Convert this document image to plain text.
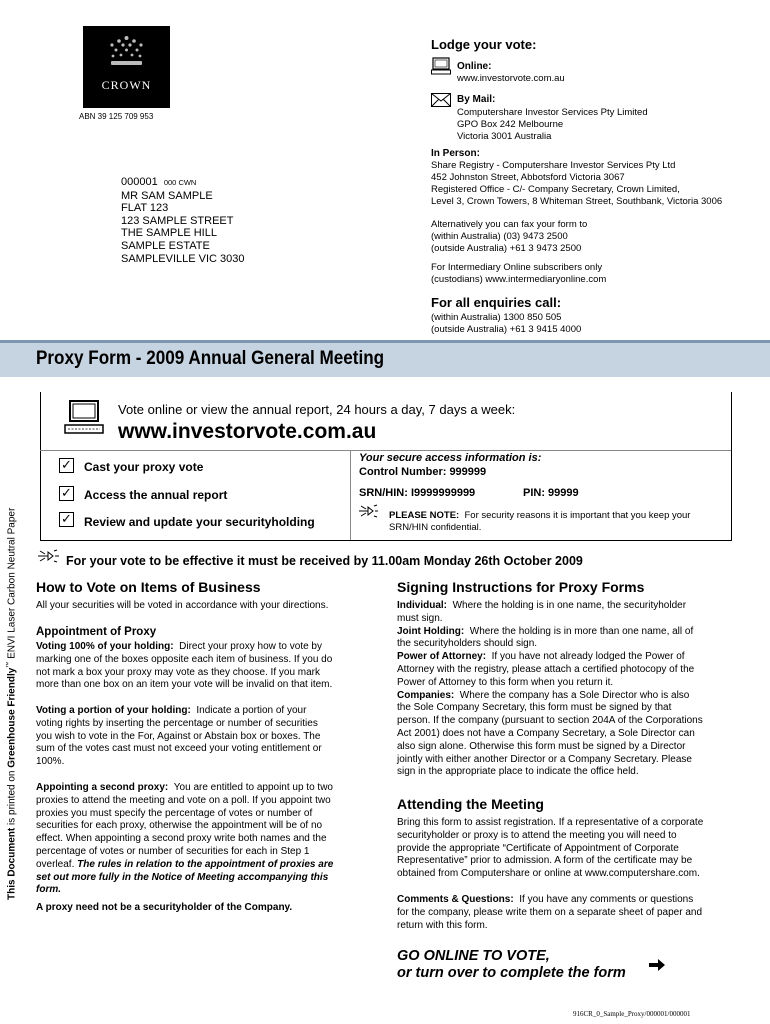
CROWN
ABN 39 125 709 953
000001 000 CWN
MR SAM SAMPLE
FLAT 123
123 SAMPLE STREET
THE SAMPLE HILL
SAMPLE ESTATE
SAMPLEVILLE VIC 3030
Lodge your vote:
Online:
www.investorvote.com.au
By Mail:
Computershare Investor Services Pty Limited
GPO Box 242 Melbourne
Victoria 3001 Australia
In Person:
Share Registry - Computershare Investor Services Pty Ltd
452 Johnston Street, Abbotsford Victoria 3067
Registered Office - C/- Company Secretary, Crown Limited,
Level 3, Crown Towers, 8 Whiteman Street, Southbank, Victoria 3006
Alternatively you can fax your form to
(within Australia) (03) 9473 2500
(outside Australia) +61 3 9473 2500
For Intermediary Online subscribers only
(custodians) www.intermediaryonline.com
For all enquiries call:
(within Australia) 1300 850 505
(outside Australia) +61 3 9415 4000
Proxy Form - 2009 Annual General Meeting
Vote online or view the annual report, 24 hours a day, 7 days a week:
www.investorvote.com.au
✓ Cast your proxy vote
✓ Access the annual report
✓ Review and update your securityholding
Your secure access information is:
Control Number: 999999
SRN/HIN: I9999999999	PIN: 99999
PLEASE NOTE: For security reasons it is important that you keep your
SRN/HIN confidential.
For your vote to be effective it must be received by 11.00am Monday 26th October 2009
How to Vote on Items of Business
All your securities will be voted in accordance with your directions.
Appointment of Proxy
Voting 100% of your holding: Direct your proxy how to vote by
marking one of the boxes opposite each item of business. If you do
not mark a box your proxy may vote as they choose. If you mark
more than one box on an item your vote will be invalid on that item.
Voting a portion of your holding: Indicate a portion of your
voting rights by inserting the percentage or number of securities
you wish to vote in the For, Against or Abstain box or boxes. The
sum of the votes cast must not exceed your voting entitlement or
100%.
Appointing a second proxy: You are entitled to appoint up to two
proxies to attend the meeting and vote on a poll. If you appoint two
proxies you must specify the percentage of votes or number of
securities for each proxy, otherwise the appointment will be of no
effect. When appointing a second proxy write both names and the
percentage of votes or number of securities for each in Step 1
overleaf. The rules in relation to the appointment of proxies are
set out more fully in the Notice of Meeting accompanying this
form.
A proxy need not be a securityholder of the Company.
Signing Instructions for Proxy Forms
Individual: Where the holding is in one name, the securityholder
must sign.
Joint Holding: Where the holding is in more than one name, all of
the securityholders should sign.
Power of Attorney: If you have not already lodged the Power of
Attorney with the registry, please attach a certified photocopy of the
Power of Attorney to this form when you return it.
Companies: Where the company has a Sole Director who is also
the Sole Company Secretary, this form must be signed by that
person. If the company (pursuant to section 204A of the Corporations
Act 2001) does not have a Company Secretary, a Sole Director can
also sign alone. Otherwise this form must be signed by a Director
jointly with either another Director or a Company Secretary. Please
sign in the appropriate place to indicate the office held.
Attending the Meeting
Bring this form to assist registration. If a representative of a corporate
securityholder or proxy is to attend the meeting you will need to
provide the appropriate “Certificate of Appointment of Corporate
Representative” prior to admission. A form of the certificate may be
obtained from Computershare or online at www.computershare.com.
Comments & Questions: If you have any comments or questions
for the company, please write them on a separate sheet of paper and
return with this form.
GO ONLINE TO VOTE,
or turn over to complete the form
This Document is printed on Greenhouse Friendly™ ENVI Laser Carbon Neutral Paper
916CR_0_Sample_Proxy/000001/000001
